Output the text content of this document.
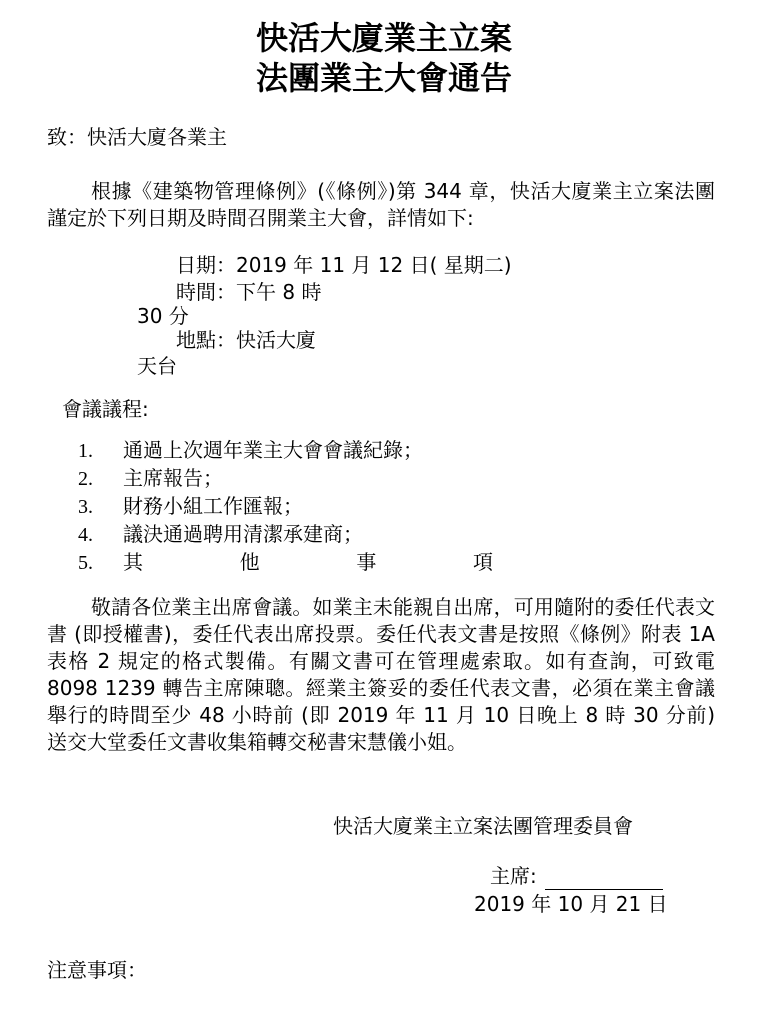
快活大廈業主立案
法團業主大會通告
致：快活大廈各業主

根據《建築物管理條例》(《條例》)第 344 章，快活大廈業主立案法團謹定於下列日期及時間召開業主大會，詳情如下:

日期：2019 年 11 月 12 日( 星期二)
時間：下午 8 時
30 分
地點：快活大廈
天台
會議議程:
1. 通過上次週年業主大會會議紀錄；
2. 主席報告；
3. 財務小組工作匯報；
4. 議決通過聘用清潔承建商；
5. 其	他	事	項

敬請各位業主出席會議。如業主未能親自出席，可用隨附的委任代表文書 (即授權書)，委任代表出席投票。委任代表文書是按照《條例》附表 1A 表格 2 規定的格式製備。有關文書可在管理處索取。如有查詢，可致電 8098 1239 轉告主席陳聰。經業主簽妥的委任代表文書，必須在業主會議舉行的時間至少 48 小時前 (即 2019 年 11 月 10 日晚上 8 時 30 分前) 送交大堂委任文書收集箱轉交秘書宋慧儀小姐。

快活大廈業主立案法團管理委員會
主席:
2019 年 10 月 21 日
注意事項：
